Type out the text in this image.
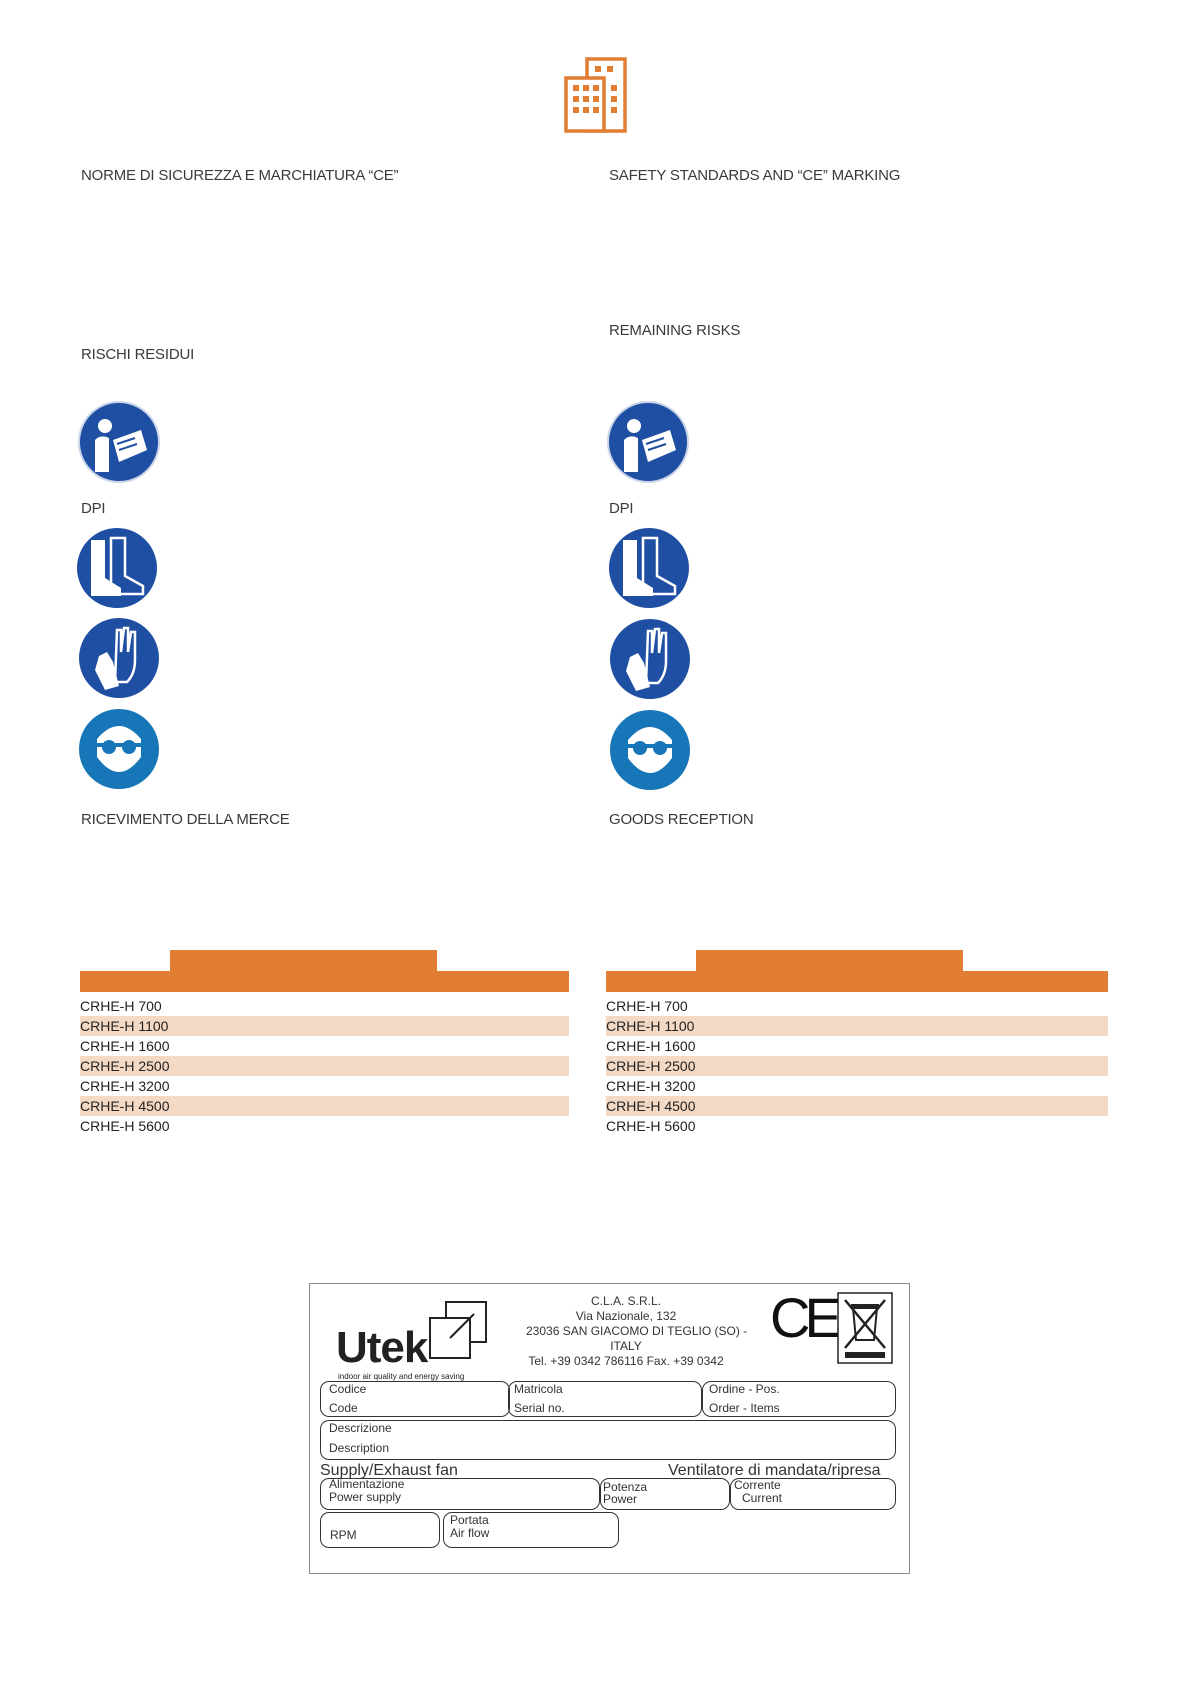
NORME DI SICUREZZA E MARCHIATURA “CE”
RISCHI RESIDUI
DPI
RICEVIMENTO DELLA MERCE
SAFETY STANDARDS AND “CE” MARKING
REMAINING RISKS
DPI
GOODS RECEPTION
CRHE-H 700
CRHE-H 1100
CRHE-H 1600
CRHE-H 2500
CRHE-H 3200
CRHE-H 4500
CRHE-H 5600
CRHE-H 700
CRHE-H 1100
CRHE-H 1600
CRHE-H 2500
CRHE-H 3200
CRHE-H 4500
CRHE-H 5600
Utek
indoor air quality and energy saving
C.L.A. S.R.L.
Via Nazionale, 132
23036 SAN GIACOMO DI TEGLIO (SO) -
ITALY
Tel. +39 0342 786116 Fax. +39 0342
CE
Codice
Code
Matricola
Serial no.
Ordine - Pos.
Order - Items
Descrizione
Description
Supply/Exhaust fan	Ventilatore di mandata/ripresa
Alimentazione
Power supply
Potenza
Power
Corrente
Current
RPM
Portata
Air flow
